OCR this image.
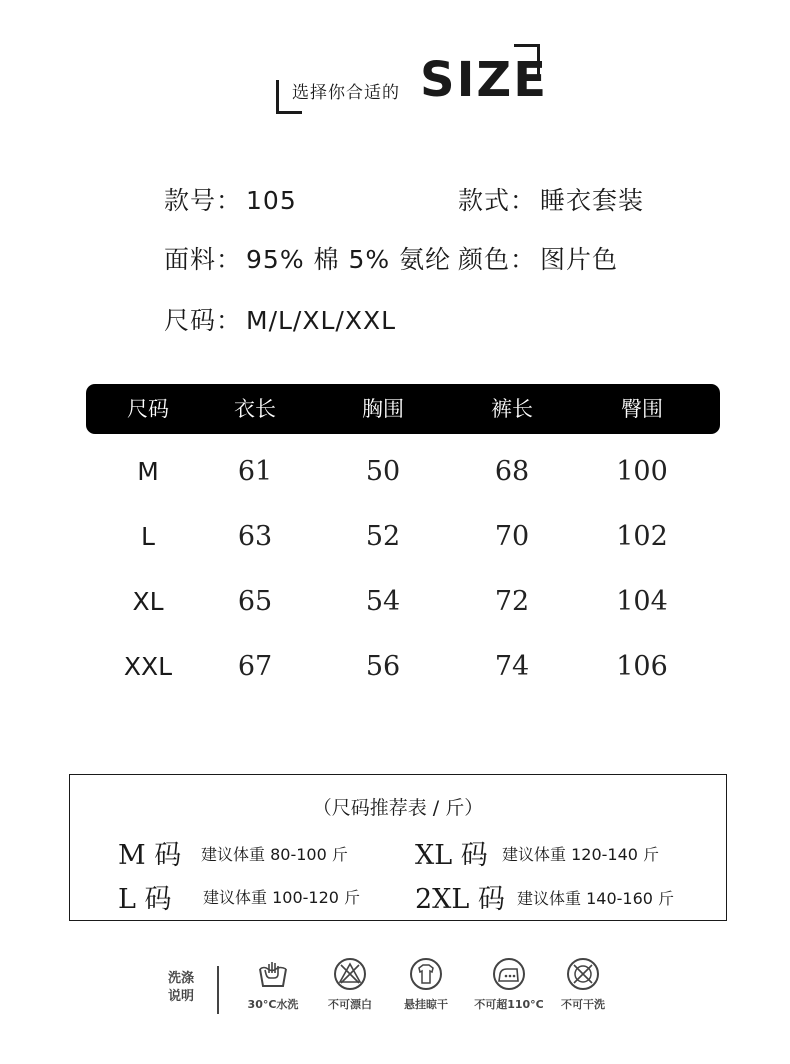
选择你合适的 SIZE
款号： 105	款式： 睡衣套装
面料： 95% 棉 5% 氨纶 颜色： 图片色
尺码： M/L/XL/XXL
尺码	衣长	胸围	裤长	臀围
M	61	50	68	100
L	63	52	70	102
XL	65	54	72	104
XXL 67	56	74	106
（尺码推荐表 / 斤）
M 码 建议体重 80-100 斤 XL 码 建议体重 120-140 斤
L 码 建议体重 100-120 斤 2XL 码 建议体重 140-160 斤
洗涤
说明
30°C水洗	不可漂白	悬挂晾干	不可超110°C	不可干洗
